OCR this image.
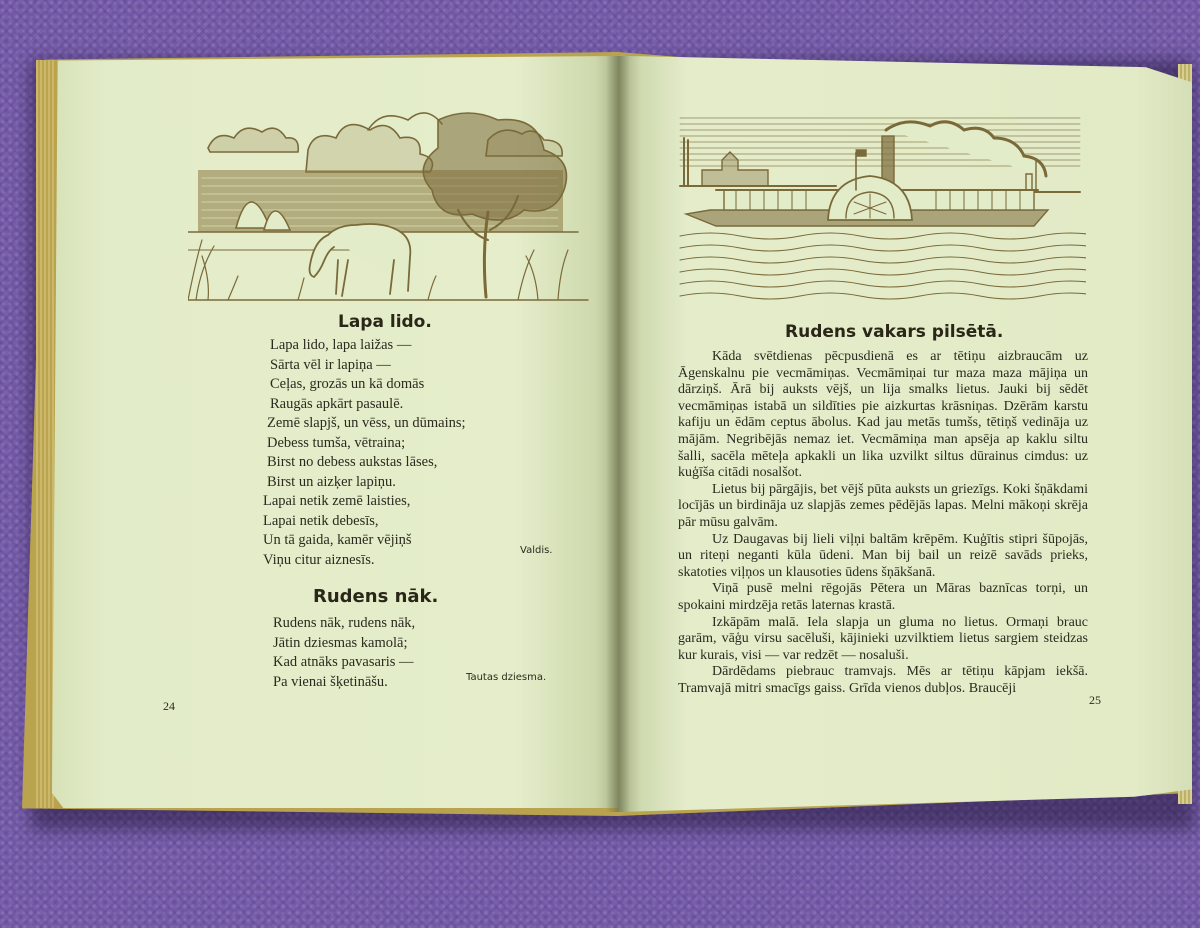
Lapa lido.
Lapa lido, lapa laižas —
Sārta vēl ir lapiņa —
Ceļas, grozās un kā domās
Raugās apkārt pasaulē.
Zemē slapjš, un vēss, un dūmains;
Debess tumša, vētraina;
Birst no debess aukstas lāses,
Birst un aizķer lapiņu.
Lapai netik zemē laisties,
Lapai netik debesīs,
Un tā gaida, kamēr vējiņš
Viņu citur aiznesīs.
Valdis.
Rudens nāk.
Rudens nāk, rudens nāk,
Jātin dziesmas kamolā;
Kad atnāks pavasaris —
Pa vienai šķetināšu.	Tautas dziesma.
24
Rudens vakars pilsētā.

Kāda svētdienas pēcpusdienā es ar tētiņu aizbraucām uz Āgenskalnu pie vecmāmiņas. Vecmāmiņai tur maza maza mājiņa un dārziņš. Ārā bij auksts vējš, un lija smalks lietus. Jauki bij sēdēt vecmāmiņas istabā un sildīties pie aizkurtas krāsniņas. Dzērām karstu kafiju un ēdām ceptus ābolus. Kad jau metās tumšs, tētiņš vedināja uz mājām. Negribējās nemaz iet. Vecmāmiņa man apsēja ap kaklu siltu šalli, sacēla mēteļa apkakli un lika uzvilkt siltus dūrainus cimdus: uz kuģīša citādi nosalšot.

Lietus bij pārgājis, bet vējš pūta auksts un griezīgs. Koki šņākdami locījās un birdināja uz slapjās zemes pēdējās lapas. Melni mākoņi skrēja pār mūsu galvām.

Uz Daugavas bij lieli viļņi baltām krēpēm. Kuģītis stipri šūpojās, un riteņi neganti kūla ūdeni. Man bij bail un reizē savāds prieks, skatoties viļņos un klausoties ūdens šņākšanā.

Viņā pusē melni rēgojās Pētera un Māras baznīcas torņi, un spokaini mirdzēja retās laternas krastā.

Izkāpām malā. Iela slapja un gluma no lietus. Ormaņi brauc garām, vāģu virsu sacēluši, kājinieki uzvilktiem lietus sargiem steidzas kur kurais, visi — var redzēt — nosaluši.

Dārdēdams piebrauc tramvajs. Mēs ar tētiņu kāpjam iekšā. Tramvajā mitri smacīgs gaiss. Grīda vienos dubļos. Braucēji

25
